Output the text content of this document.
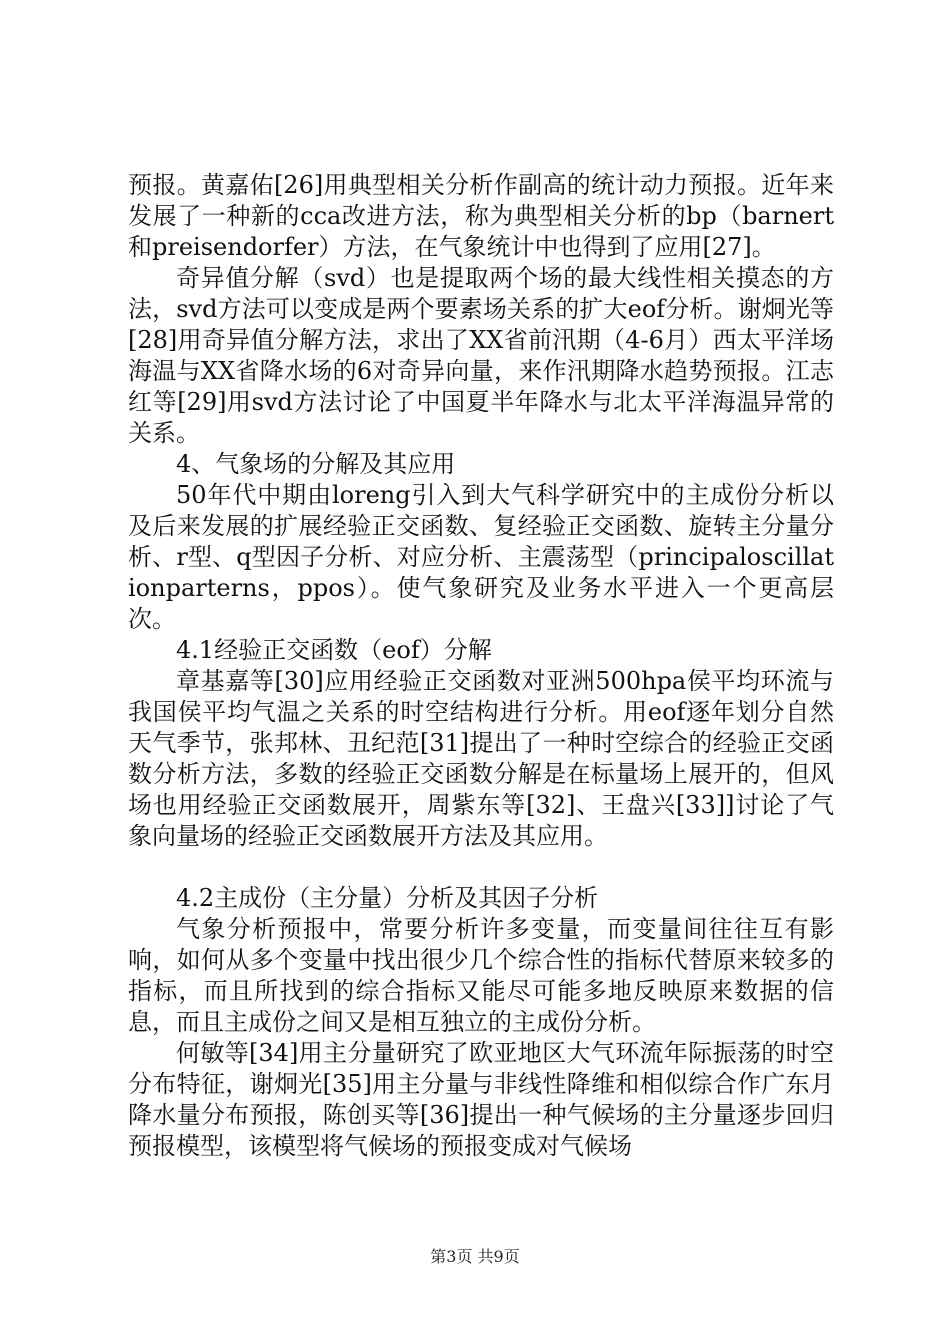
预报。黄嘉佑[26]用典型相关分析作副高的统计动力预报。近年来发展了一种新的cca改进方法，称为典型相关分析的bp（barnert和preisendorfer）方法，在气象统计中也得到了应用[27]。

奇异值分解（svd）也是提取两个场的最大线性相关摸态的方法，svd方法可以变成是两个要素场关系的扩大eof分析。谢炯光等[28]用奇异值分解方法，求出了XX省前汛期（4-6月）西太平洋场海温与XX省降水场的6对奇异向量，来作汛期降水趋势预报。江志红等[29]用svd方法讨论了中国夏半年降水与北太平洋海温异常的关系。

4、气象场的分解及其应用

50年代中期由loreng引入到大气科学研究中的主成份分析以及后来发展的扩展经验正交函数、复经验正交函数、旋转主分量分析、r型、q型因子分析、对应分析、主震荡型（principaloscillationparterns，ppos）。使气象研究及业务水平进入一个更高层次。

4.1经验正交函数（eof）分解

章基嘉等[30]应用经验正交函数对亚洲500hpa侯平均环流与我国侯平均气温之关系的时空结构进行分析。用eof逐年划分自然天气季节，张邦林、丑纪范[31]提出了一种时空综合的经验正交函数分析方法，多数的经验正交函数分解是在标量场上展开的，但风场也用经验正交函数展开，周紫东等[32]、王盘兴[33]]讨论了气象向量场的经验正交函数展开方法及其应用。

4.2主成份（主分量）分析及其因子分析

气象分析预报中，常要分析许多变量，而变量间往往互有影响，如何从多个变量中找出很少几个综合性的指标代替原来较多的指标，而且所找到的综合指标又能尽可能多地反映原来数据的信息，而且主成份之间又是相互独立的主成份分析。

何敏等[34]用主分量研究了欧亚地区大气环流年际振荡的时空分布特征，谢炯光[35]用主分量与非线性降维和相似综合作广东月降水量分布预报，陈创买等[36]提出一种气候场的主分量逐步回归预报模型，该模型将气候场的预报变成对气候场

第3页 共9页
